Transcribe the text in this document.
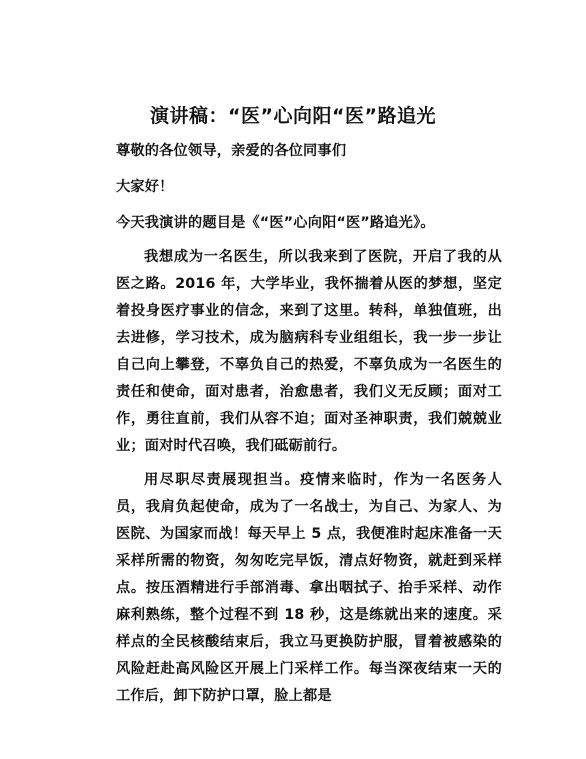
演讲稿：“医”心向阳“医”路追光

尊敬的各位领导，亲爱的各位同事们

大家好！

今天我演讲的题目是《“医”心向阳“医”路追光》。

我想成为一名医生，所以我来到了医院，开启了我的从医之路。2016 年，大学毕业，我怀揣着从医的梦想，坚定着投身医疗事业的信念，来到了这里。转科，单独值班，出去进修，学习技术，成为脑病科专业组组长，我一步一步让自己向上攀登，不辜负自己的热爱，不辜负成为一名医生的责任和使命，面对患者，治愈患者，我们义无反顾；面对工作，勇往直前，我们从容不迫；面对圣神职责，我们兢兢业业；面对时代召唤，我们砥砺前行。

用尽职尽责展现担当。疫情来临时，作为一名医务人员，我肩负起使命，成为了一名战士，为自己、为家人、为医院、为国家而战！每天早上 5 点，我便准时起床准备一天采样所需的物资，匆匆吃完早饭，清点好物资，就赶到采样点。按压酒精进行手部消毒、拿出咽拭子、抬手采样、动作麻利熟练，整个过程不到 18 秒，这是练就出来的速度。采样点的全民核酸结束后，我立马更换防护服，冒着被感染的风险赶赴高风险区开展上门采样工作。每当深夜结束一天的工作后，卸下防护口罩，脸上都是
